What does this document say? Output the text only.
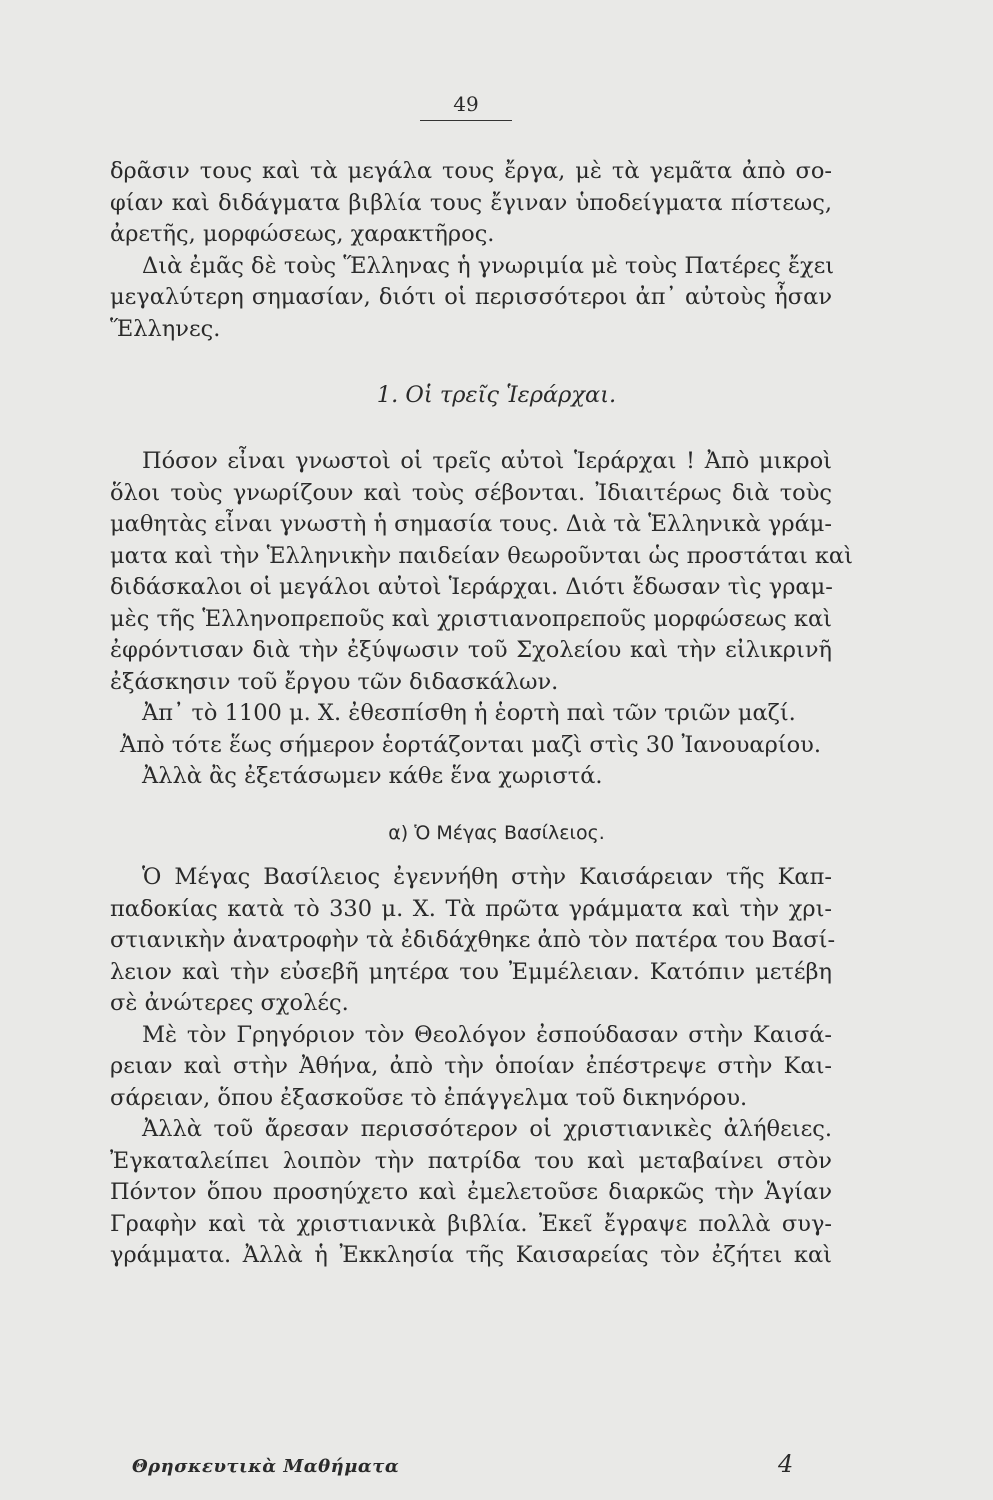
49
δρᾶσιν τους καὶ τὰ μεγάλα τους ἔργα, μὲ τὰ γεμᾶτα ἀπὸ σο-
φίαν καὶ διδάγματα βιβλία τους ἔγιναν ὑποδείγματα πίστεως,
ἀρετῆς, μορφώσεως, χαρακτῆρος.
Διὰ ἐμᾶς δὲ τοὺς Ἕλληνας ἡ γνωριμία μὲ τοὺς Πατέρες ἔχει
μεγαλύτερη σημασίαν, διότι οἱ περισσότεροι ἀπ᾿ αὐτοὺς ἦσαν
Ἕλληνες.
1. Οἱ τρεῖς Ἱεράρχαι.
Πόσον εἶναι γνωστοὶ οἱ τρεῖς αὐτοὶ Ἱεράρχαι ! Ἀπὸ μικροὶ
ὅλοι τοὺς γνωρίζουν καὶ τοὺς σέβονται. Ἰδιαιτέρως διὰ τοὺς
μαθητὰς εἶναι γνωστὴ ἡ σημασία τους. Διὰ τὰ Ἑλληνικὰ γράμ-
ματα καὶ τὴν Ἑλληνικὴν παιδείαν θεωροῦνται ὡς προστάται καὶ
διδάσκαλοι οἱ μεγάλοι αὐτοὶ Ἱεράρχαι. Διότι ἔδωσαν τὶς γραμ-
μὲς τῆς Ἑλληνοπρεποῦς καὶ χριστιανοπρεποῦς μορφώσεως καὶ
ἐφρόντισαν διὰ τὴν ἐξύψωσιν τοῦ Σχολείου καὶ τὴν εἰλικρινῆ
ἐξάσκησιν τοῦ ἔργου τῶν διδασκάλων.
Ἀπ᾿ τὸ 1100 μ. Χ. ἐθεσπίσθη ἡ ἑορτὴ παὶ τῶν τριῶν μαζί.
Ἀπὸ τότε ἕως σήμερον ἑορτάζονται μαζὶ στὶς 30 Ἰανουαρίου.
Ἀλλὰ ἂς ἐξετάσωμεν κάθε ἕνα χωριστά.
α) Ὁ Μέγας Βασίλειος.
Ὁ Μέγας Βασίλειος ἐγεννήθη στὴν Καισάρειαν τῆς Καπ-
παδοκίας κατὰ τὸ 330 μ. Χ. Τὰ πρῶτα γράμματα καὶ τὴν χρι-
στιανικὴν ἀνατροφὴν τὰ ἐδιδάχθηκε ἀπὸ τὸν πατέρα του Βασί-
λειον καὶ τὴν εὐσεβῆ μητέρα του Ἐμμέλειαν. Κατόπιν μετέβη
σὲ ἀνώτερες σχολές.
Μὲ τὸν Γρηγόριον τὸν Θεολόγον ἐσπούδασαν στὴν Καισά-
ρειαν καὶ στὴν Ἀθήνα, ἀπὸ τὴν ὁποίαν ἐπέστρεψε στὴν Και-
σάρειαν, ὅπου ἐξασκοῦσε τὸ ἐπάγγελμα τοῦ δικηνόρου.
Ἀλλὰ τοῦ ἄρεσαν περισσότερον οἱ χριστιανικὲς ἀλήθειες.
Ἐγκαταλείπει λοιπὸν τὴν πατρίδα του καὶ μεταβαίνει στὸν
Πόντον ὅπου προσηύχετο καὶ ἐμελετοῦσε διαρκῶς τὴν Ἁγίαν
Γραφὴν καὶ τὰ χριστιανικὰ βιβλία. Ἐκεῖ ἔγραψε πολλὰ συγ-
γράμματα. Ἀλλὰ ἡ Ἐκκλησία τῆς Καισαρείας τὸν ἐζήτει καὶ
Θρησκευτικὰ Μαθήματα	4
